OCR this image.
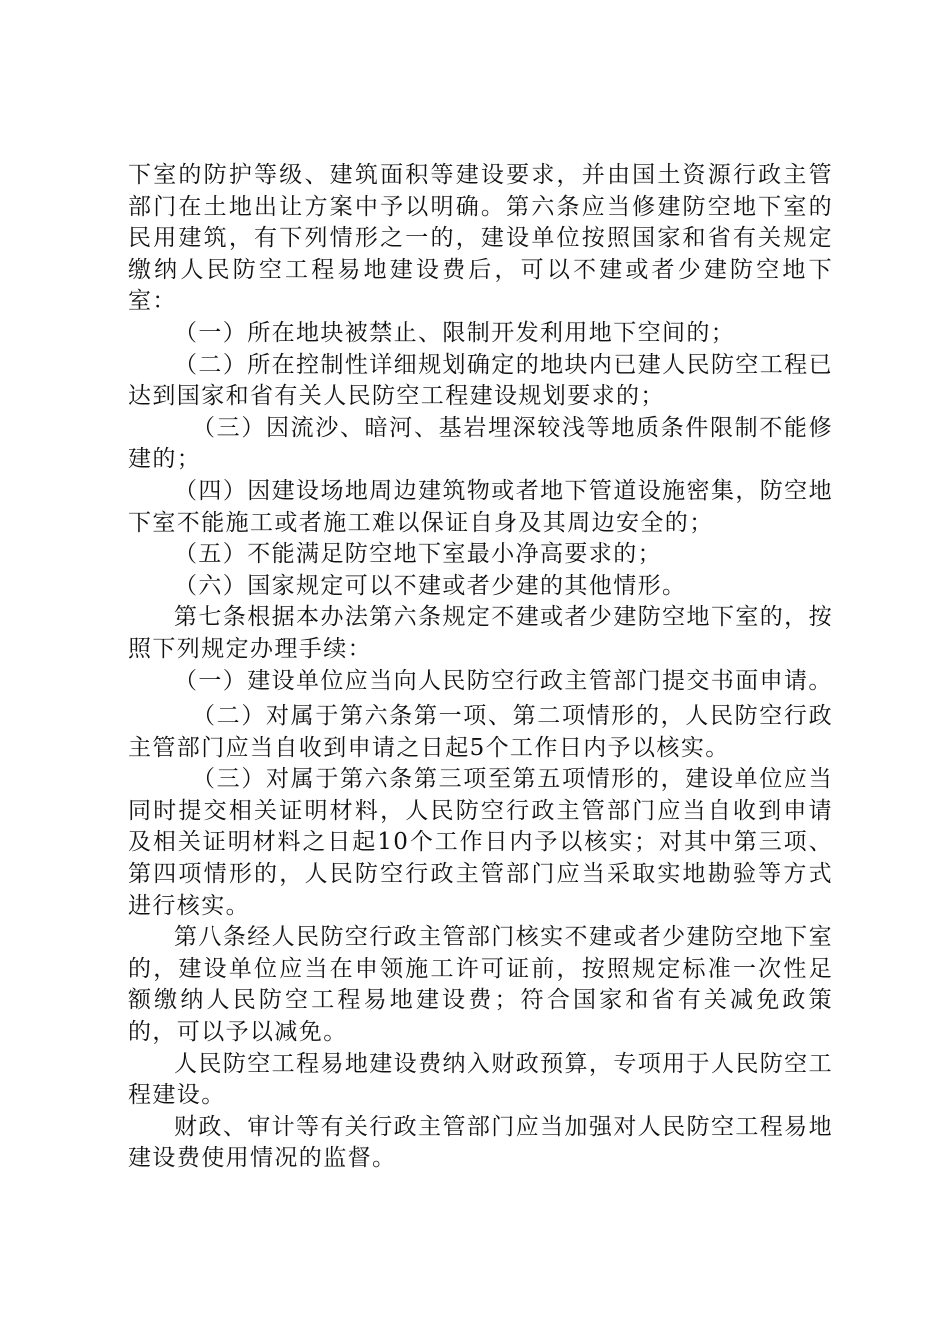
下室的防护等级、建筑面积等建设要求，并由国土资源行政主管部门在土地出让方案中予以明确。第六条应当修建防空地下室的民用建筑，有下列情形之一的，建设单位按照国家和省有关规定缴纳人民防空工程易地建设费后，可以不建或者少建防空地下室：

（一）所在地块被禁止、限制开发利用地下空间的；

（二）所在控制性详细规划确定的地块内已建人民防空工程已达到国家和省有关人民防空工程建设规划要求的；

（三）因流沙、暗河、基岩埋深较浅等地质条件限制不能修建的；

（四）因建设场地周边建筑物或者地下管道设施密集，防空地下室不能施工或者施工难以保证自身及其周边安全的；

（五）不能满足防空地下室最小净高要求的；

（六）国家规定可以不建或者少建的其他情形。

第七条根据本办法第六条规定不建或者少建防空地下室的，按照下列规定办理手续：

（一）建设单位应当向人民防空行政主管部门提交书面申请。

（二）对属于第六条第一项、第二项情形的，人民防空行政主管部门应当自收到申请之日起5个工作日内予以核实。

（三）对属于第六条第三项至第五项情形的，建设单位应当同时提交相关证明材料，人民防空行政主管部门应当自收到申请及相关证明材料之日起10个工作日内予以核实；对其中第三项、第四项情形的，人民防空行政主管部门应当采取实地勘验等方式进行核实。

第八条经人民防空行政主管部门核实不建或者少建防空地下室的，建设单位应当在申领施工许可证前，按照规定标准一次性足额缴纳人民防空工程易地建设费；符合国家和省有关减免政策的，可以予以减免。

人民防空工程易地建设费纳入财政预算，专项用于人民防空工程建设。

财政、审计等有关行政主管部门应当加强对人民防空工程易地建设费使用情况的监督。
